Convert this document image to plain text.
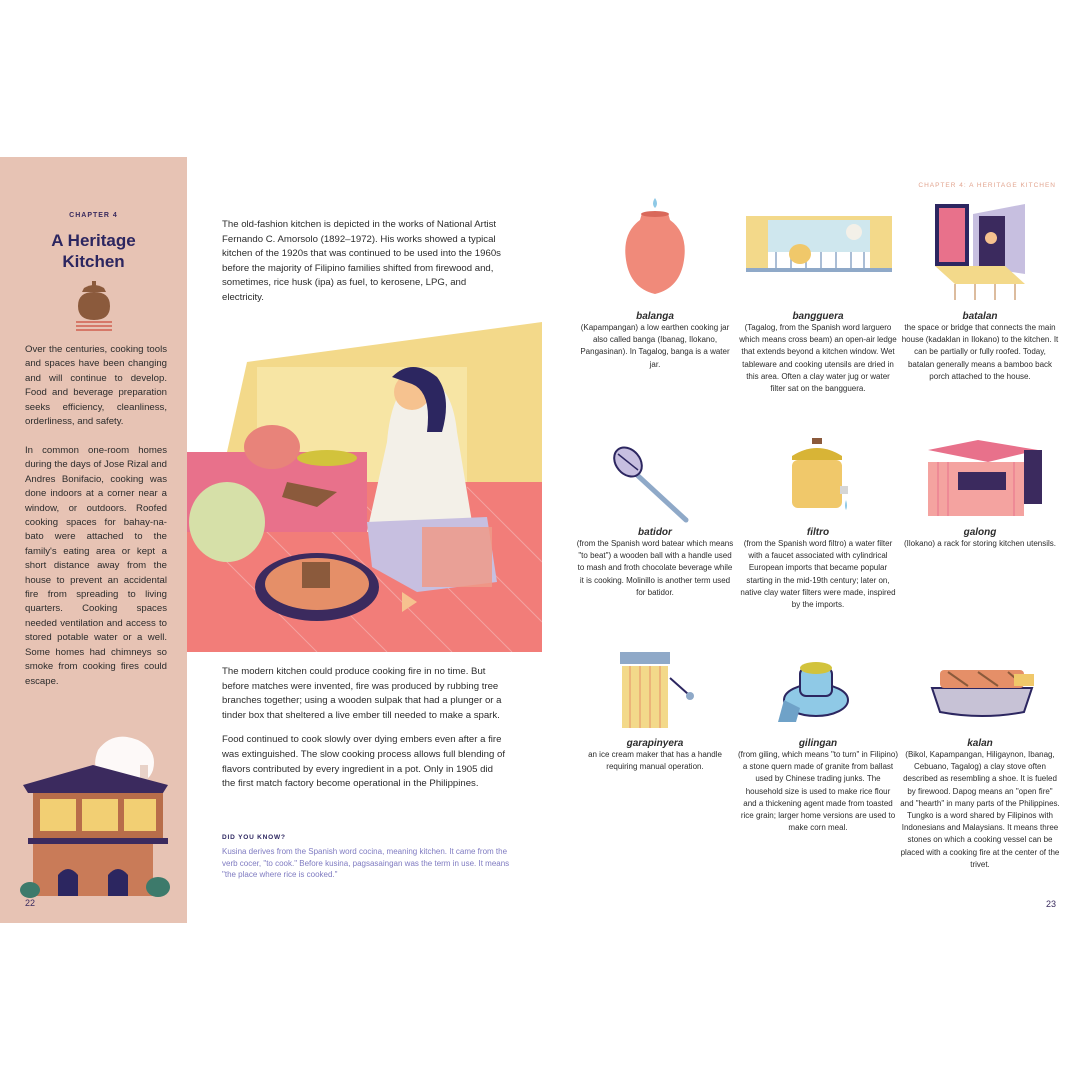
CHAPTER 4
A Heritage
Kitchen
Over the centuries, cooking tools and spaces have been changing and will continue to develop. Food and beverage preparation seeks efficiency, cleanliness, orderliness, and safety.
In common one-room homes during the days of Jose Rizal and Andres Bonifacio, cooking was done indoors at a corner near a window, or outdoors. Roofed cooking spaces for bahay-na-bato were attached to the family's eating area or kept a short distance away from the house to prevent an accidental fire from spreading to living quarters. Cooking spaces needed ventilation and access to stored potable water or a well. Some homes had chimneys so smoke from cooking fires could escape.
22
The old-fashion kitchen is depicted in the works of National Artist Fernando C. Amorsolo (1892–1972). His works showed a typical kitchen of the 1920s that was continued to be used into the 1960s before the majority of Filipino families shifted from firewood and, sometimes, rice husk (ipa) as fuel, to kerosene, LPG, and electricity.

The modern kitchen could produce cooking fire in no time. But before matches were invented, fire was produced by rubbing tree branches together; using a wooden sulpak that had a plunger or a tinder box that sheltered a live ember till needed to make a spark.

Food continued to cook slowly over dying embers even after a fire was extinguished. The slow cooking process allows full blending of flavors contributed by every ingredient in a pot. Only in 1905 did the first match factory become operational in the Philippines.

DID YOU KNOW?
Kusina derives from the Spanish word cocina, meaning kitchen. It came from the verb cocer, "to cook." Before kusina, pagsasaingan was the term in use. It means "the place where rice is cooked."
CHAPTER 4: A HERITAGE KITCHEN
balanga
(Kapampangan) a low earthen cooking jar also called banga (Ibanag, Ilokano, Pangasinan). In Tagalog, banga is a water jar.
bangguera
(Tagalog, from the Spanish word larguero which means cross beam) an open-air ledge that extends beyond a kitchen window. Wet tableware and cooking utensils are dried in this area. Often a clay water jug or water filter sat on the bangguera.
batalan
the space or bridge that connects the main house (kadaklan in Ilokano) to the kitchen. It can be partially or fully roofed. Today, batalan generally means a bamboo back porch attached to the house.
batidor
(from the Spanish word batear which means "to beat") a wooden ball with a handle used to mash and froth chocolate beverage while it is cooking. Molinillo is another term used for batidor.
filtro
(from the Spanish word filtro) a water filter with a faucet associated with cylindrical European imports that became popular starting in the mid-19th century; later on, native clay water filters were made, inspired by the imports.
galong
(Ilokano) a rack for storing kitchen utensils.
garapinyera
an ice cream maker that has a handle requiring manual operation.
gilingan
(from giling, which means "to turn" in Filipino) a stone quern made of granite from ballast used by Chinese trading junks. The household size is used to make rice flour and a thickening agent made from toasted rice grain; larger home versions are used to make corn meal.
kalan
(Bikol, Kapampangan, Hiligaynon, Ibanag, Cebuano, Tagalog) a clay stove often described as resembling a shoe. It is fueled by firewood. Dapog means an "open fire" and "hearth" in many parts of the Philippines. Tungko is a word shared by Filipinos with Indonesians and Malaysians. It means three stones on which a cooking vessel can be placed with a cooking fire at the center of the trivet.
23
